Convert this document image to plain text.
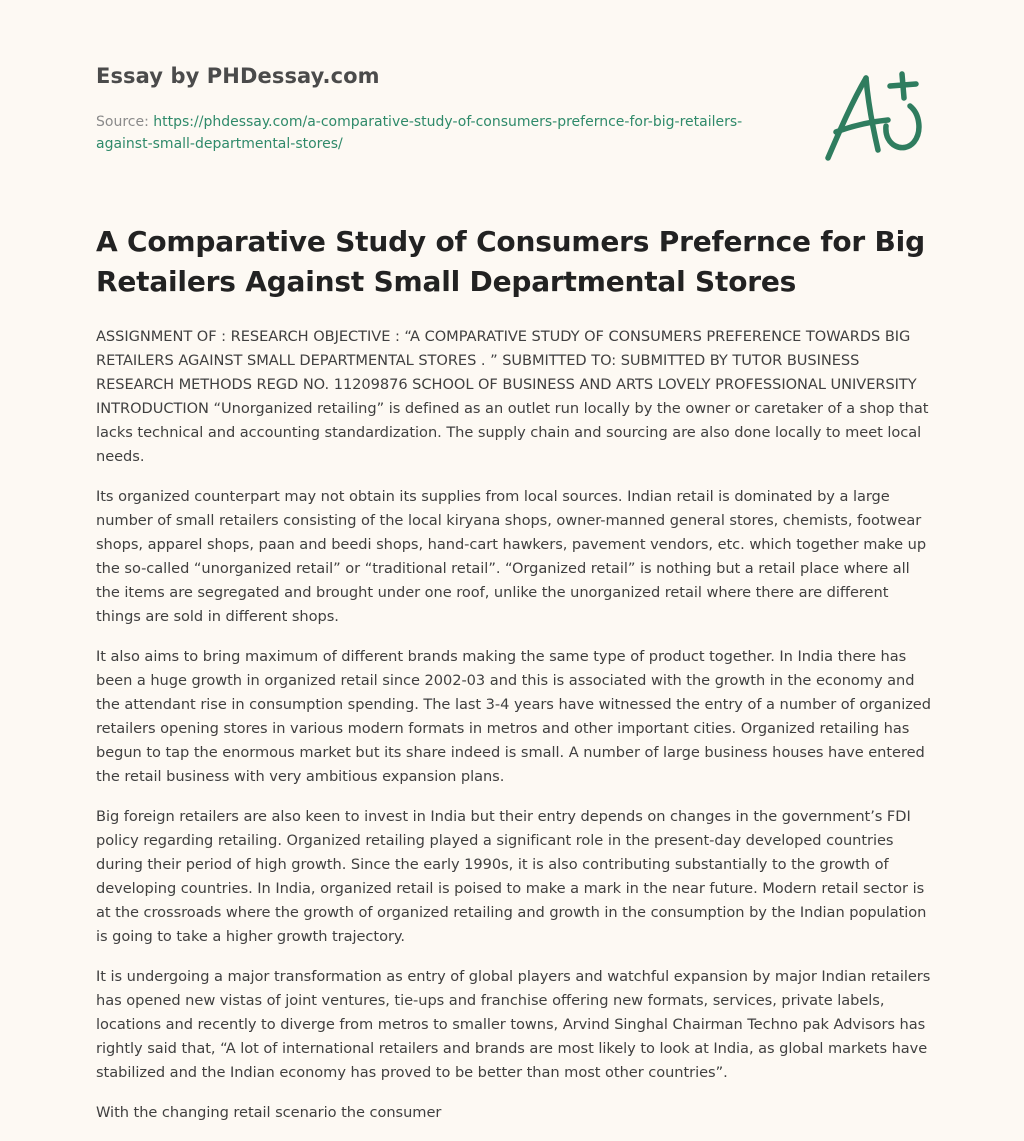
Essay by PHDessay.com
Source: https://phdessay.com/a-comparative-study-of-consumers-prefernce-for-big-retailers-against-small-departmental-stores/
A Comparative Study of Consumers Prefernce for Big Retailers Against Small Departmental Stores

ASSIGNMENT OF : RESEARCH OBJECTIVE : “A COMPARATIVE STUDY OF CONSUMERS PREFERENCE TOWARDS BIG RETAILERS AGAINST SMALL DEPARTMENTAL STORES . ” SUBMITTED TO: SUBMITTED BY TUTOR BUSINESS RESEARCH METHODS REGD NO. 11209876 SCHOOL OF BUSINESS AND ARTS LOVELY PROFESSIONAL UNIVERSITY INTRODUCTION “Unorganized retailing” is defined as an outlet run locally by the owner or caretaker of a shop that lacks technical and accounting standardization. The supply chain and sourcing are also done locally to meet local needs.

Its organized counterpart may not obtain its supplies from local sources. Indian retail is dominated by a large number of small retailers consisting of the local kiryana shops, owner-manned general stores, chemists, footwear shops, apparel shops, paan and beedi shops, hand-cart hawkers, pavement vendors, etc. which together make up the so-called “unorganized retail” or “traditional retail”. “Organized retail” is nothing but a retail place where all the items are segregated and brought under one roof, unlike the unorganized retail where there are different things are sold in different shops.

It also aims to bring maximum of different brands making the same type of product together. In India there has been a huge growth in organized retail since 2002-03 and this is associated with the growth in the economy and the attendant rise in consumption spending. The last 3-4 years have witnessed the entry of a number of organized retailers opening stores in various modern formats in metros and other important cities. Organized retailing has begun to tap the enormous market but its share indeed is small. A number of large business houses have entered the retail business with very ambitious expansion plans.

Big foreign retailers are also keen to invest in India but their entry depends on changes in the government’s FDI policy regarding retailing. Organized retailing played a significant role in the present-day developed countries during their period of high growth. Since the early 1990s, it is also contributing substantially to the growth of developing countries. In India, organized retail is poised to make a mark in the near future. Modern retail sector is at the crossroads where the growth of organized retailing and growth in the consumption by the Indian population is going to take a higher growth trajectory.

It is undergoing a major transformation as entry of global players and watchful expansion by major Indian retailers has opened new vistas of joint ventures, tie-ups and franchise offering new formats, services, private labels, locations and recently to diverge from metros to smaller towns, Arvind Singhal Chairman Techno pak Advisors has rightly said that, “A lot of international retailers and brands are most likely to look at India, as global markets have stabilized and the Indian economy has proved to be better than most other countries”.

With the changing retail scenario the consumer
